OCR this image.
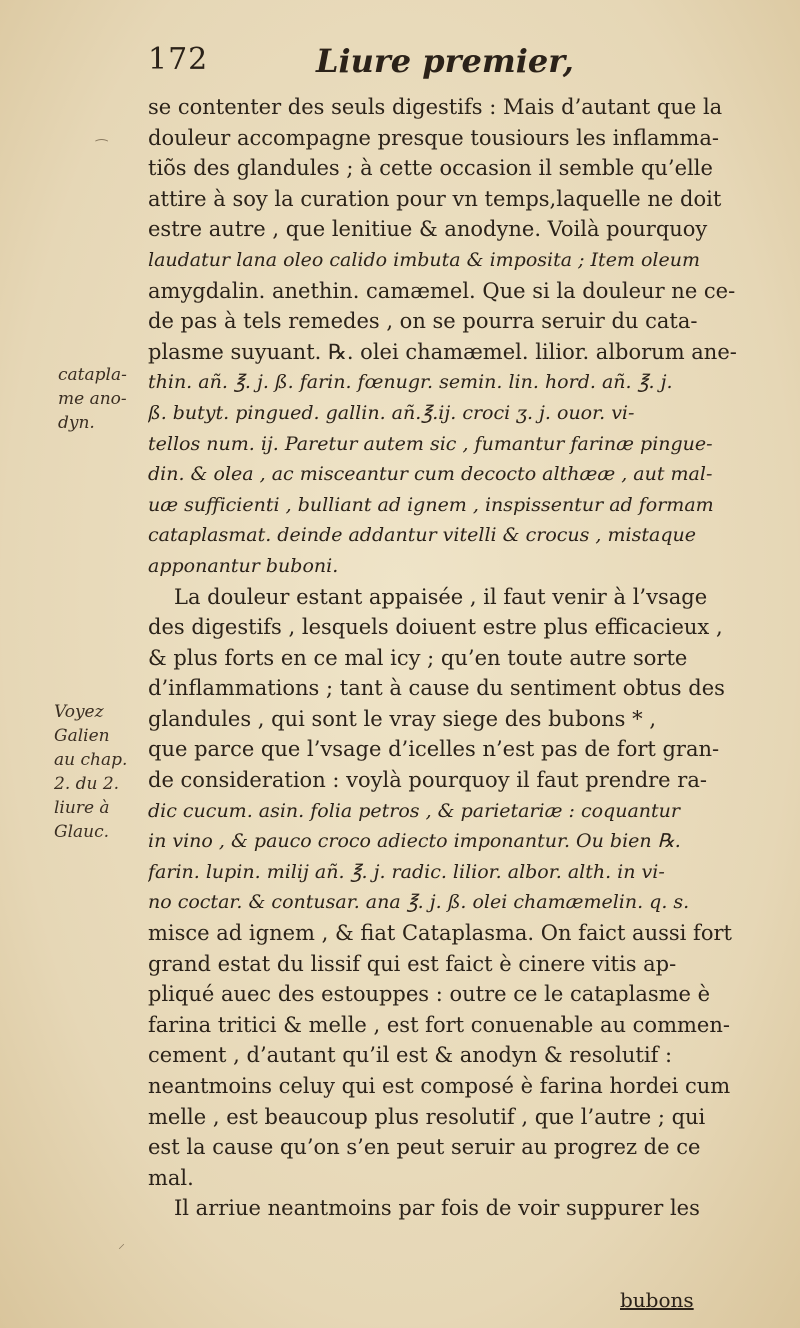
172	Liure premier,
se contenter des seuls digestifs : Mais d’autant que la
douleur accompagne presque tousiours les inflamma-
tiõs des glandules ; à cette occasion il semble qu’elle
attire à soy la curation pour vn temps,laquelle ne doit
estre autre , que lenitiue & anodyne. Voilà pourquoy
laudatur lana oleo calido imbuta & imposita ; Item oleum
amygdalin. anethin. camæmel. Que si la douleur ne ce-
de pas à tels remedes , on se pourra seruir du cata-
plasme suyuant. ℞. olei chamæmel. lilior. alborum ane-
thin. añ. ℥. j. ß. farin. fœnugr. semin. lin. hord. añ. ℥. j.
ß. butyt. pingued. gallin. añ.℥.ij. croci ʒ. j. ouor. vi-
tellos num. ij. Paretur autem sic , fumantur farinæ pingue-
din. & olea , ac misceantur cum decocto althææ , aut mal-
uæ sufficienti , bulliant ad ignem , inspissentur ad formam
cataplasmat. deinde addantur vitelli & crocus , mistaque
apponantur buboni.
La douleur estant appaisée , il faut venir à l’vsage
des digestifs , lesquels doiuent estre plus efficacieux ,
& plus forts en ce mal icy ; qu’en toute autre sorte
d’inflammations ; tant à cause du sentiment obtus des
glandules , qui sont le vray siege des bubons * ,
que parce que l’vsage d’icelles n’est pas de fort gran-
de consideration : voylà pourquoy il faut prendre ra-
dic cucum. asin. folia petros , & parietariæ : coquantur
in vino , & pauco croco adiecto imponantur. Ou bien ℞.
farin. lupin. milij añ. ℥. j. radic. lilior. albor. alth. in vi-
no coctar. & contusar. ana ℥. j. ß. olei chamæmelin. q. s.
misce ad ignem , & fiat Cataplasma. On faict aussi fort
grand estat du lissif qui est faict è cinere vitis ap-
pliqué auec des estouppes : outre ce le cataplasme è
farina tritici & melle , est fort conuenable au commen-
cement , d’autant qu’il est & anodyn & resolutif :
neantmoins celuy qui est composé è farina hordei cum
melle , est beaucoup plus resolutif , que l’autre ; qui
est la cause qu’on s’en peut seruir au progrez de ce
mal.
Il arriue neantmoins par fois de voir suppurer les
catapla-
me ano-
dyn.
Voyez
Galien
au chap.
2. du 2.
liure à
Glauc.
bubons
⁀
⸝
